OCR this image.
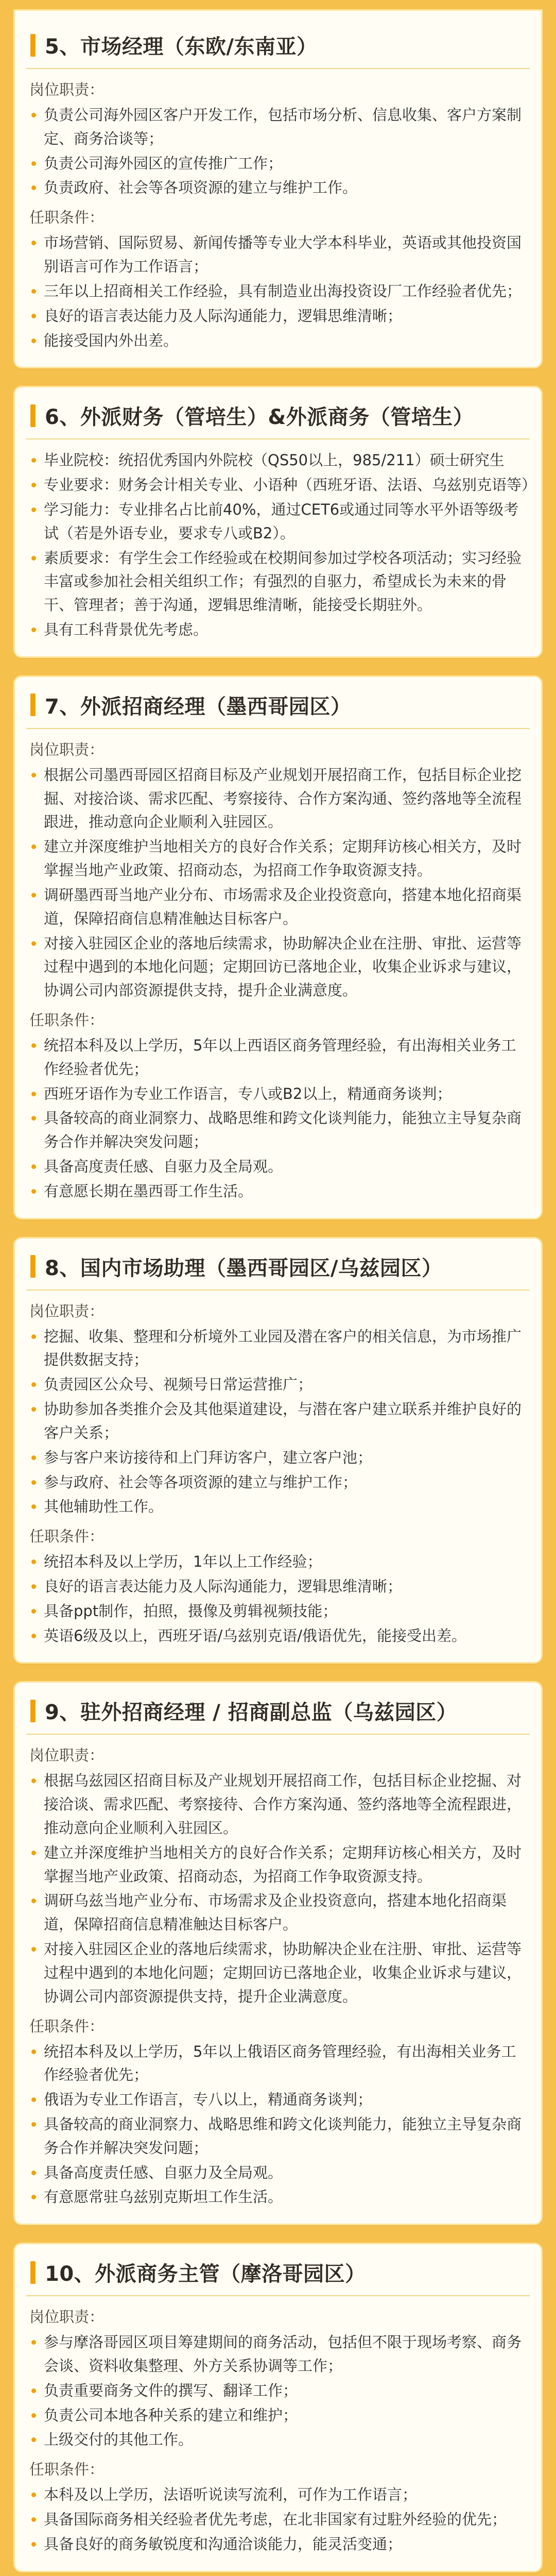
5、市场经理（东欧/东南亚）
岗位职责：
负责公司海外园区客户开发工作，包括市场分析、信息收集、客户方案制定、商务洽谈等；
负责公司海外园区的宣传推广工作；
负责政府、社会等各项资源的建立与维护工作。
任职条件：
市场营销、国际贸易、新闻传播等专业大学本科毕业，英语或其他投资国别语言可作为工作语言；
三年以上招商相关工作经验，具有制造业出海投资设厂工作经验者优先；
良好的语言表达能力及人际沟通能力，逻辑思维清晰；
能接受国内外出差。
6、外派财务（管培生）&外派商务（管培生）
毕业院校：统招优秀国内外院校（QS50以上，985/211）硕士研究生
专业要求：财务会计相关专业、小语种（西班牙语、法语、乌兹别克语等）
学习能力：专业排名占比前40%，通过CET6或通过同等水平外语等级考试（若是外语专业，要求专八或B2）。
素质要求：有学生会工作经验或在校期间参加过学校各项活动；实习经验丰富或参加社会相关组织工作；有强烈的自驱力，希望成长为未来的骨干、管理者；善于沟通，逻辑思维清晰，能接受长期驻外。
具有工科背景优先考虑。
7、外派招商经理（墨西哥园区）
岗位职责：
根据公司墨西哥园区招商目标及产业规划开展招商工作，包括目标企业挖掘、对接洽谈、需求匹配、考察接待、合作方案沟通、签约落地等全流程跟进，推动意向企业顺利入驻园区。
建立并深度维护当地相关方的良好合作关系；定期拜访核心相关方，及时掌握当地产业政策、招商动态，为招商工作争取资源支持。
调研墨西哥当地产业分布、市场需求及企业投资意向，搭建本地化招商渠道，保障招商信息精准触达目标客户。
对接入驻园区企业的落地后续需求，协助解决企业在注册、审批、运营等过程中遇到的本地化问题；定期回访已落地企业，收集企业诉求与建议，协调公司内部资源提供支持，提升企业满意度。
任职条件：
统招本科及以上学历，5年以上西语区商务管理经验，有出海相关业务工作经验者优先；
西班牙语作为专业工作语言，专八或B2以上，精通商务谈判；
具备较高的商业洞察力、战略思维和跨文化谈判能力，能独立主导复杂商务合作并解决突发问题；
具备高度责任感、自驱力及全局观。
有意愿长期在墨西哥工作生活。
8、国内市场助理（墨西哥园区/乌兹园区）
岗位职责：
挖掘、收集、整理和分析境外工业园及潜在客户的相关信息，为市场推广提供数据支持；
负责园区公众号、视频号日常运营推广；
协助参加各类推介会及其他渠道建设，与潜在客户建立联系并维护良好的客户关系；
参与客户来访接待和上门拜访客户，建立客户池；
参与政府、社会等各项资源的建立与维护工作；
其他辅助性工作。
任职条件：
统招本科及以上学历，1年以上工作经验；
良好的语言表达能力及人际沟通能力，逻辑思维清晰；
具备ppt制作，拍照，摄像及剪辑视频技能；
英语6级及以上，西班牙语/乌兹别克语/俄语优先，能接受出差。
9、驻外招商经理 / 招商副总监（乌兹园区）
岗位职责：
根据乌兹园区招商目标及产业规划开展招商工作，包括目标企业挖掘、对接洽谈、需求匹配、考察接待、合作方案沟通、签约落地等全流程跟进，推动意向企业顺利入驻园区。
建立并深度维护当地相关方的良好合作关系；定期拜访核心相关方，及时掌握当地产业政策、招商动态，为招商工作争取资源支持。
调研乌兹当地产业分布、市场需求及企业投资意向，搭建本地化招商渠道，保障招商信息精准触达目标客户。
对接入驻园区企业的落地后续需求，协助解决企业在注册、审批、运营等过程中遇到的本地化问题；定期回访已落地企业，收集企业诉求与建议，协调公司内部资源提供支持，提升企业满意度。
任职条件：
统招本科及以上学历，5年以上俄语区商务管理经验，有出海相关业务工作经验者优先；
俄语为专业工作语言，专八以上，精通商务谈判；
具备较高的商业洞察力、战略思维和跨文化谈判能力，能独立主导复杂商务合作并解决突发问题；
具备高度责任感、自驱力及全局观。
有意愿常驻乌兹别克斯坦工作生活。
10、外派商务主管（摩洛哥园区）
岗位职责：
参与摩洛哥园区项目筹建期间的商务活动，包括但不限于现场考察、商务会谈、资料收集整理、外方关系协调等工作；
负责重要商务文件的撰写、翻译工作；
负责公司本地各种关系的建立和维护；
上级交付的其他工作。
任职条件：
本科及以上学历，法语听说读写流利，可作为工作语言；
具备国际商务相关经验者优先考虑，在北非国家有过駐外经验的优先；
具备良好的商务敏锐度和沟通洽谈能力，能灵活变通；
